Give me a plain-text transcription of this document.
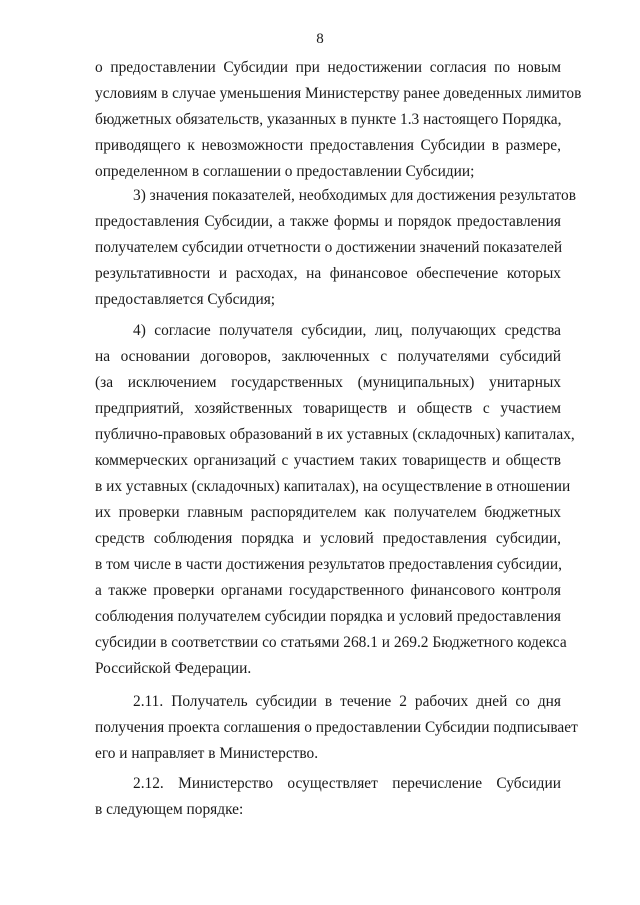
8
о предоставлении Субсидии при недостижении согласия по новым
условиям в случае уменьшения Министерству ранее доведенных лимитов
бюджетных обязательств, указанных в пункте 1.3 настоящего Порядка,
приводящего к невозможности предоставления Субсидии в размере,
определенном в соглашении о предоставлении Субсидии;
3) значения показателей, необходимых для достижения результатов
предоставления Субсидии, а также формы и порядок предоставления
получателем субсидии отчетности о достижении значений показателей
результативности и расходах, на финансовое обеспечение которых
предоставляется Субсидия;
4) согласие получателя субсидии, лиц, получающих средства
на основании договоров, заключенных с получателями субсидий
(за исключением государственных (муниципальных) унитарных
предприятий, хозяйственных товариществ и обществ с участием
публично-правовых образований в их уставных (складочных) капиталах,
коммерческих организаций с участием таких товариществ и обществ
в их уставных (складочных) капиталах), на осуществление в отношении
их проверки главным распорядителем как получателем бюджетных
средств соблюдения порядка и условий предоставления субсидии,
в том числе в части достижения результатов предоставления субсидии,
а также проверки органами государственного финансового контроля
соблюдения получателем субсидии порядка и условий предоставления
субсидии в соответствии со статьями 268.1 и 269.2 Бюджетного кодекса
Российской Федерации.
2.11. Получатель субсидии в течение 2 рабочих дней со дня
получения проекта соглашения о предоставлении Субсидии подписывает
его и направляет в Министерство.
2.12. Министерство осуществляет перечисление Субсидии
в следующем порядке:
